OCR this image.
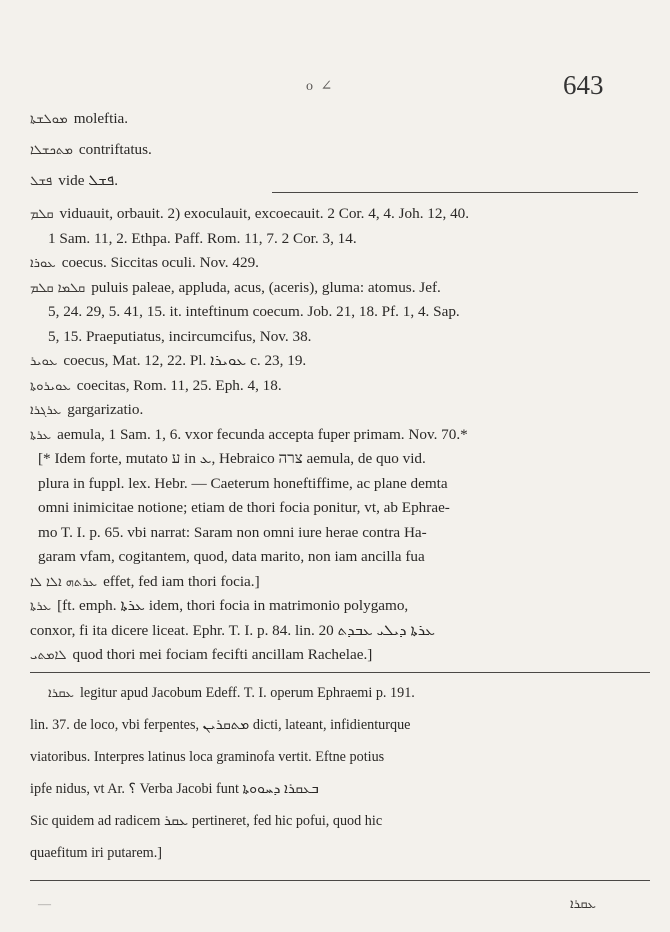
ο ∠	643
ܡܘܠܫܬܐ moleftia.
ܡܬܟܫܠܐ contriftatus.
ܦܫܠ vide ܦܫܠ.
ܩܠܡ viduauit, orbauit. 2) exoculauit, excoecauit. 2 Cor. 4, 4. Joh. 12, 40.
1 Sam. 11, 2. Ethpa. Paff. Rom. 11, 7. 2 Cor. 3, 14.
ܥܘܪܐ coecus. Siccitas oculi. Nov. 429.
ܩܠܡܐ ܩܠܡ puluis paleae, appluda, acus, (aceris), gluma: atomus. Jef.
5, 24. 29, 5. 41, 15. it. inteftinum coecum. Job. 21, 18. Pf. 1, 4. Sap.
5, 15. Praeputiatus, incircumcifus, Nov. 38.
ܥܘܝܪ coecus, Mat. 12, 22. Pl. ܥܘܝܪܐ c. 23, 19.
ܥܘܝܪܘܬܐ coecitas, Rom. 11, 25. Eph. 4, 18.
ܥܪܓܪܐ gargarizatio.
ܥܪܬܐ aemula, 1 Sam. 1, 6. vxor fecunda accepta fuper primam. Nov. 70.*
[* Idem forte, mutato ע in ܥ, Hebraico צרה aemula, de quo vid.
plura in fuppl. lex. Hebr. — Caeterum honeftiffime, ac plane demta
omni inimicitae notione; etiam de thori focia ponitur, vt, ab Ephrae-
mo T. I. p. 65. vbi narrat: Saram non omni iure herae contra Ha-
garam vfam, cogitantem, quod, data marito, non iam ancilla fua
ܥܪܬܗ ܐܠܐ ܠܐ effet, fed iam thori focia.]
ܥܪܬܐ [ft. emph. ܥܪܬܐ idem, thori focia in matrimonio polygamo,
conxor, fi ita dicere liceat. Ephr. T. I. p. 84. lin. 20 ܥܪܬܐ ܕܝܠܝ ܥܒܕܬ
ܠܐܡܬܝ quod thori mei fociam fecifti ancillam Rachelae.]
ܥܩܪܐ legitur apud Jacobum Edeff. T. I. operum Ephraemi p. 191.
lin. 37. de loco, vbi ferpentes, ܡܬܩܪܝܢ dicti, lateant, infidienturque
viatoribus. Interpres latinus loca graminofa vertit. Eftne potius
ipfe nidus, vt Ar. ؟ Verba Jacobi funt ܒܥܩܪܐ ܕܚܘܘܬܐ
Sic quidem ad radicem ܥܩܪ pertineret, fed hic pofui, quod hic
quaefitum iri putarem.]
—	ܥܩܪܐ
